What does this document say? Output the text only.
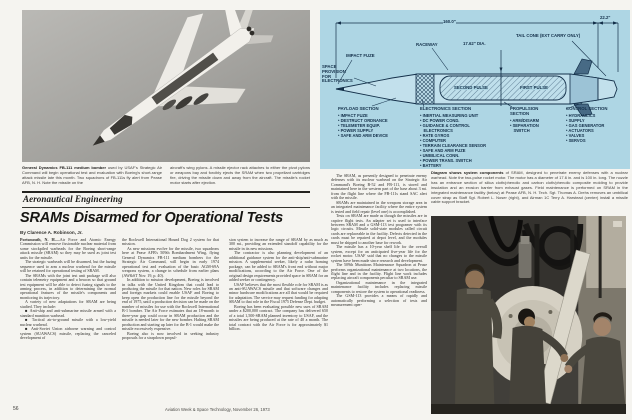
General Dynamics FB-111 medium bomber used by USAF's Strategic Air Command will begin operational test and evaluation with Boeing's short-range attack missile late this month. Two squadrons of FB-111s fly alert from Pease AFB, N. H. Note the missile on the
aircraft's wing pylons. A missile ejector rack attaches to either the pivot pylons or weapons bay and forcibly ejects the SRAM when two propellant cartridges fire, driving the missile down and away from the aircraft. The missile's rocket motor starts after ejection.
Aeronautical Engineering
SRAMs Disarmed for Operational Tests
By Clarence A. Robinson, Jr.

Portsmouth, N. H.—Air Force and Atomic Energy Commission will remove fissionable nuclear material from some stockpiled warheads for the Boeing short-range attack missile (SRAM) so they may be used as joint test units for the missile.

The strategic warheads will be disarmed, but the fuzing sequence used to arm a nuclear warhead for the missile will be retained for operational testing of SRAM.

The SRAMs with the joint test unit package will also contain telemetry equipment and a beacon so that ground test equipment will be able to detect fuzing signals to the arming process, in addition to determining the normal operational features of the missile's components and monitoring its trajectory.

A variety of new adaptations for SRAM are being studied. They include:

■ Anti-ship and anti-submarine missile armed with a standard munition warhead.

■ Tactical air-to-ground missile with a low-yield nuclear warhead.

■ Anti-Soviet Union airborne warning and control system (SUAWACS) missile, replacing the canceled development of

the Rockwell International Hound Dog 2 system for that mission.

As new missions evolve for the missile, two squadrons here at Pease AFB's 509th Bombardment Wing, flying General Dynamics FB-111 medium bombers for the Strategic Air Command, will begin in early 1974 operational test and evaluation of the basic AGM-69A weapons system, a change in schedule from earlier plans (AW&ST Nov. 19, p. 40).

In addition to mission development, Boeing is involved in talks with the United Kingdom that could lead to producing the missile for that nation. New roles for SRAM and foreign markets could enable USAF and Boeing to keep open the production line for the missile beyond the end of 1975, until a production decision can be made on the number of missiles for use with the Rockwell International B-1 bomber. The Air Force estimates that an 18-month to three-year gap could occur in SRAM production and the missile is needed later for the new bomber. Halting SRAM production and starting up later for the B-1 would make the missile excessively expensive.

Boeing also is now involved in seeking industry proposals for a strapdown propul-

sion system to increase the range of SRAM by as much as 300 mi., providing an extended standoff capability for the missile in its new missions.

The contractor is also planning development of an additional guidance system for the anti-ship/anti-submarine mission. A supplemental seeker, likely a radar homing package, can be added to SRAM's front end without major modifications, according to the Air Force. One of the original design requirements provided space in SRAM for an added seeker or contingency.

USAF believes that the most flexible role for SRAM is as an anti-SUAWACS missile and that software changes and minor hardware modifications are all that would be required for adaptation. The service may request funding for adapting SRAM to that role in the Fiscal 1975 Defense Dept. budget.

Boeing has been evaluating possible new uses of SRAM under a $200,000 contract. The company has delivered 650 of a total 1,500-SRAM planned inventory to USAF, and the missiles are being produced at the rate of 40 a month. The total contract with the Air Force is for approximately $1 billion.

The SRAM, as presently designed to penetrate enemy defenses with its nuclear warhead on the Strategic Air Command's Boeing B-52 and FB-111, is stored and maintained here in the western part of the base about 3 mi. from the flight line where the FB-111s stand SAC alert with the missile.

SRAMs are maintained in the weapons storage area in an integrated maintenance facility where the entire system is tested and field repair (level one) is accomplished.

Tests on SRAM are made as though the missiles are in captive flight tests. An adapter set is used to interface between SRAM and a GSM-113 test programer with its logic circuits. Missile solid-state modules called circuit cards are replaceable in the facility. Defects detected in the cards must be repaired at depot level, and the modules must be shipped to another base for rework.

The missile has a 10-year shelf life for the overall system, except for an anticipated five-year life for the rocket motor. USAF said that no changes to the missile system have been made since research and development.

The 509th Munitions Maintenance Squadron at Pease performs organizational maintenance at two locations, the flight line and in the facility. Flight line work includes replacing aircraft components peculiar to SRAM use.

Organizational maintenance in the integrated maintenance facility includes replacing missile components to restore the system to operational readiness.

The GSM-113 provides a means of rapidly and automatically performing a selection of tests and measurement oper-

160.0"
22.2"
17.62" DIA.
TAIL CONE (EXT CARRY ONLY)
RACEWAY
IMPACT FUZE
SPACE PROVISION FOR ELECTRONICS
SECOND PULSE	FIRST PULSE
PAYLOAD SECTION
• IMPACT FUZE
• DESTRUCT ORDNANCE
• TELEMETER EQUIP.
• POWER SUPPLY
• SAFE AND ARM DEVICE
ELECTRONICS SECTION
• INERTIAL MEASURING UNIT
• DC POWER COND.
• GUIDANCE & CONTROL ELECTRONICS
• RATE GYROS
• COMPUTER
• TERRAIN CLEARANCE SENSOR
• SAFE AND ARM FUZE
• UMBILICAL CONN.
• POWER TRANS. SWITCH
• BATTERY
PROPULSION SECTION
• ARM/DISARM
• SEPARATION SWITCH
CONTROL SECTION
• HYDRAULICS
• SUPPLY
• GAS GENERATOR
• ACTUATORS
• VALVES
• SERVOS
Diagram shows system components of SRAM, designed to penetrate enemy defenses with a nuclear warhead. Note the two-pulse rocket motor. The motor has a diameter of 17.6 in. and is 100 in. long. The nozzle has an entrance section of silica cloth/phenolic and carbon cloth/phenolic composite molding to provide insulation and an erosion barrier from exhaust gases. Field maintenance is performed on SRAM in the integrated maintenance facility (below) at Pease AFB, N. H. Tech. Sgt. Thomas A. Drehs removes an umbilical cover strap as Staff Sgt. Robert L. Noser (right), and Airman 1C Terry A. Harstead (center) install a missile cable support bracket.
56	Aviation Week & Space Technology, November 26, 1973
